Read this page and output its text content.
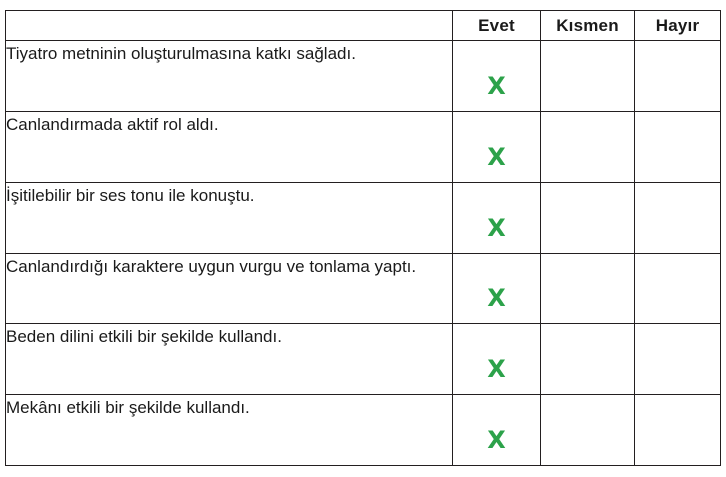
	Evet	Kısmen	Hayır
Tiyatro metninin oluşturulmasına katkı sağladı.	X		

Canlandırmada aktif rol aldı.	X		

İşitilebilir bir ses tonu ile konuştu.	X		

Canlandırdığı karaktere uygun vurgu ve tonlama yaptı.	X		

Beden dilini etkili bir şekilde kullandı.	X		

Mekânı etkili bir şekilde kullandı.	X		
